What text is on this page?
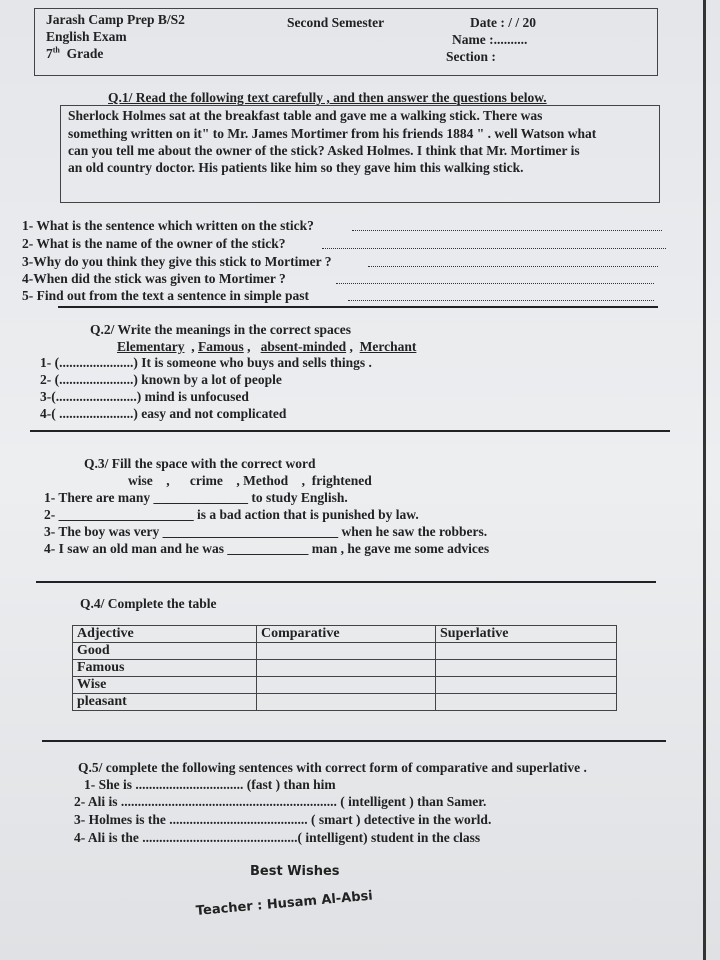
Jarash Camp Prep B/S2
English Exam
7th Grade
Second Semester	Date : / / 20
Name :..........
Section :
Q.1/ Read the following text carefully , and then answer the questions below.
Sherlock Holmes sat at the breakfast table and gave me a walking stick. There was
something written on it" to Mr. James Mortimer from his friends 1884 " . well Watson what
can you tell me about the owner of the stick? Asked Holmes. I think that Mr. Mortimer is
an old country doctor. His patients like him so they gave him this walking stick.
1- What is the sentence which written on the stick?
2- What is the name of the owner of the stick?
3-Why do you think they give this stick to Mortimer ?
4-When did the stick was given to Mortimer ?
5- Find out from the text a sentence in simple past
Q.2/ Write the meanings in the correct spaces
Elementary  , Famous ,   absent-minded ,  Merchant
1- (......................) It is someone who buys and sells things .
2- (......................) known by a lot of people
3-(........................) mind is unfocused
4-( ......................) easy and not complicated
Q.3/ Fill the space with the correct word
wise    ,      crime    , Method    ,  frightened
1- There are many ______________ to study English.
2- ____________________ is a bad action that is punished by law.
3- The boy was very __________________________ when he saw the robbers.
4- I saw an old man and he was ____________ man , he gave me some advices
Q.4/ Complete the table
Adjective	Comparative	Superlative
Good		
Famous		
Wise		
pleasant		
Q.5/ complete the following sentences with correct form of comparative and superlative .
1- She is ................................ (fast ) than him
2- Ali is ................................................................ ( intelligent ) than Samer.
3- Holmes is the ......................................... ( smart ) detective in the world.
4- Ali is the ..............................................( intelligent) student in the class
Best Wishes
Teacher : Husam Al-Absi
